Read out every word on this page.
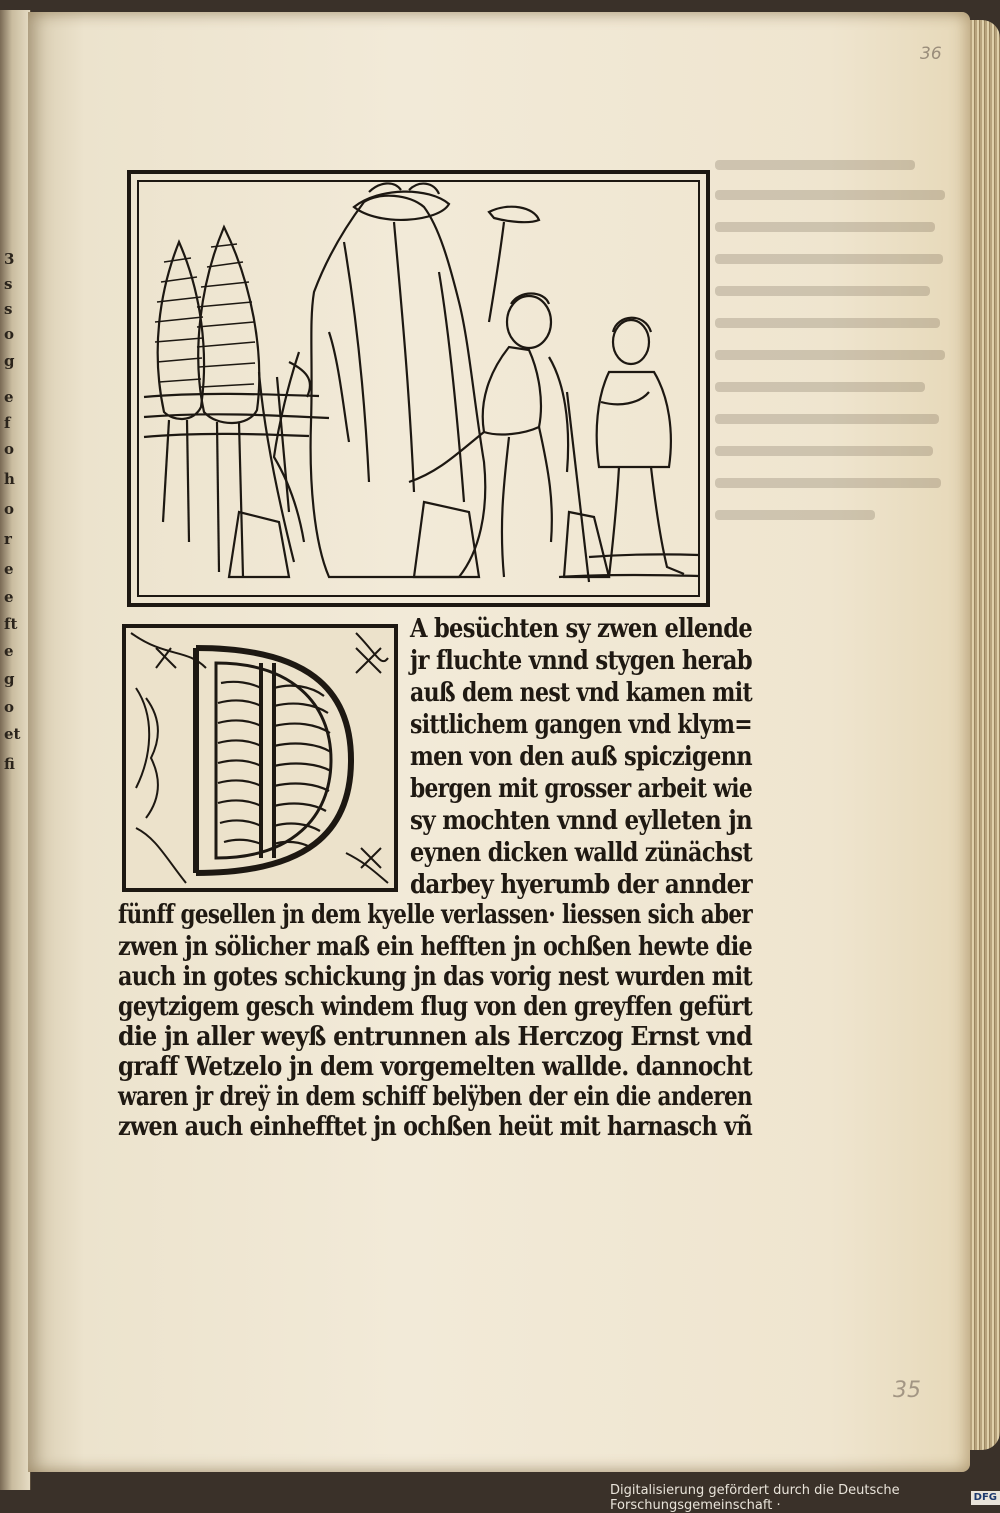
3
s
s
o
g
e
f
o
h
o
r
e
e
ft
e
g
o
et
fi
36
35
A besüchten sy zwen ellende
jr fluchte vnnd stygen herab
auß dem nest vnd kamen mit
sittlichem gangen vnd klym=
men von den auß spiczigenn
bergen mit grosser arbeit wie
sy mochten vnnd eylleten jn
eynen dicken walld zünächst
darbey hyerumb der annder
fünff gesellen jn dem kyelle verlassen· liessen sich aber
zwen jn sölicher maß ein hefften jn ochßen hewte die
auch in gotes schickung jn das vorig nest wurden mit
geytzigem gesch windem flug von den greyffen gefürt
die jn aller weyß entrunnen als Herczog Ernst vnd
graff Wetzelo jn dem vorgemelten wallde. dannocht
waren jr dreÿ in dem schiff belÿben der ein die anderen
zwen auch einhefftet jn ochßen heüt mit harnasch vñ
Digitalisierung gefördert durch die Deutsche Forschungsgemeinschaft ·
DFG
